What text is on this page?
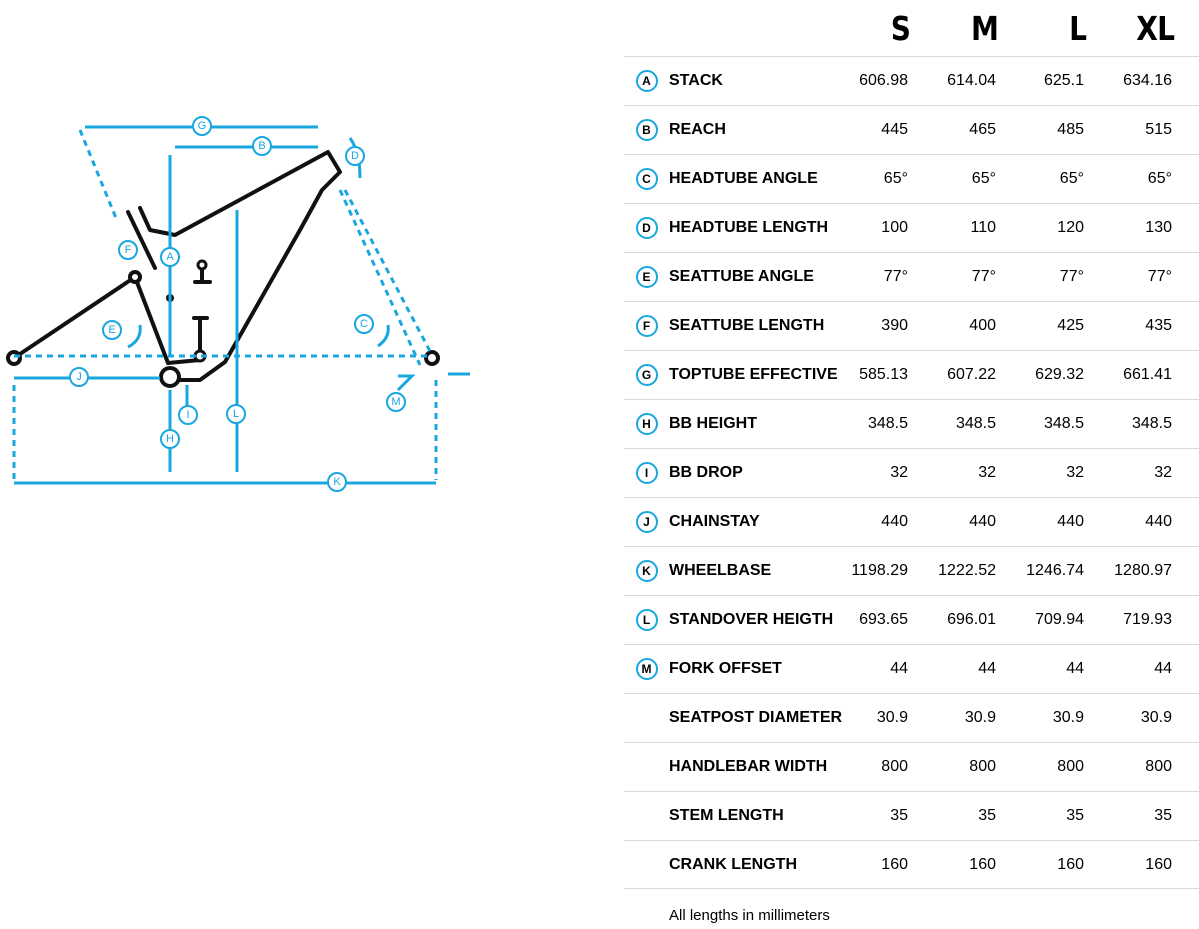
A
B
C
D
E
F
G
H
I
J
K
L
M
S	M	L	XL
A	STACK	606.98	614.04	625.1	634.16
B	REACH	445	465	485	515
C	HEADTUBE ANGLE	65°	65°	65°	65°
D	HEADTUBE LENGTH	100	110	120	130
E	SEATTUBE ANGLE	77°	77°	77°	77°
F	SEATTUBE LENGTH	390	400	425	435
G	TOPTUBE EFFECTIVE	585.13	607.22	629.32	661.41
H	BB HEIGHT	348.5	348.5	348.5	348.5
I	BB DROP	32	32	32	32
J	CHAINSTAY	440	440	440	440
K	WHEELBASE	1198.29	1222.52	1246.74	1280.97
L	STANDOVER HEIGTH	693.65	696.01	709.94	719.93
M	FORK OFFSET	44	44	44	44
SEATPOST DIAMETER	30.9	30.9	30.9	30.9
HANDLEBAR WIDTH	800	800	800	800
STEM LENGTH	35	35	35	35
CRANK LENGTH	160	160	160	160
All lengths in millimeters
